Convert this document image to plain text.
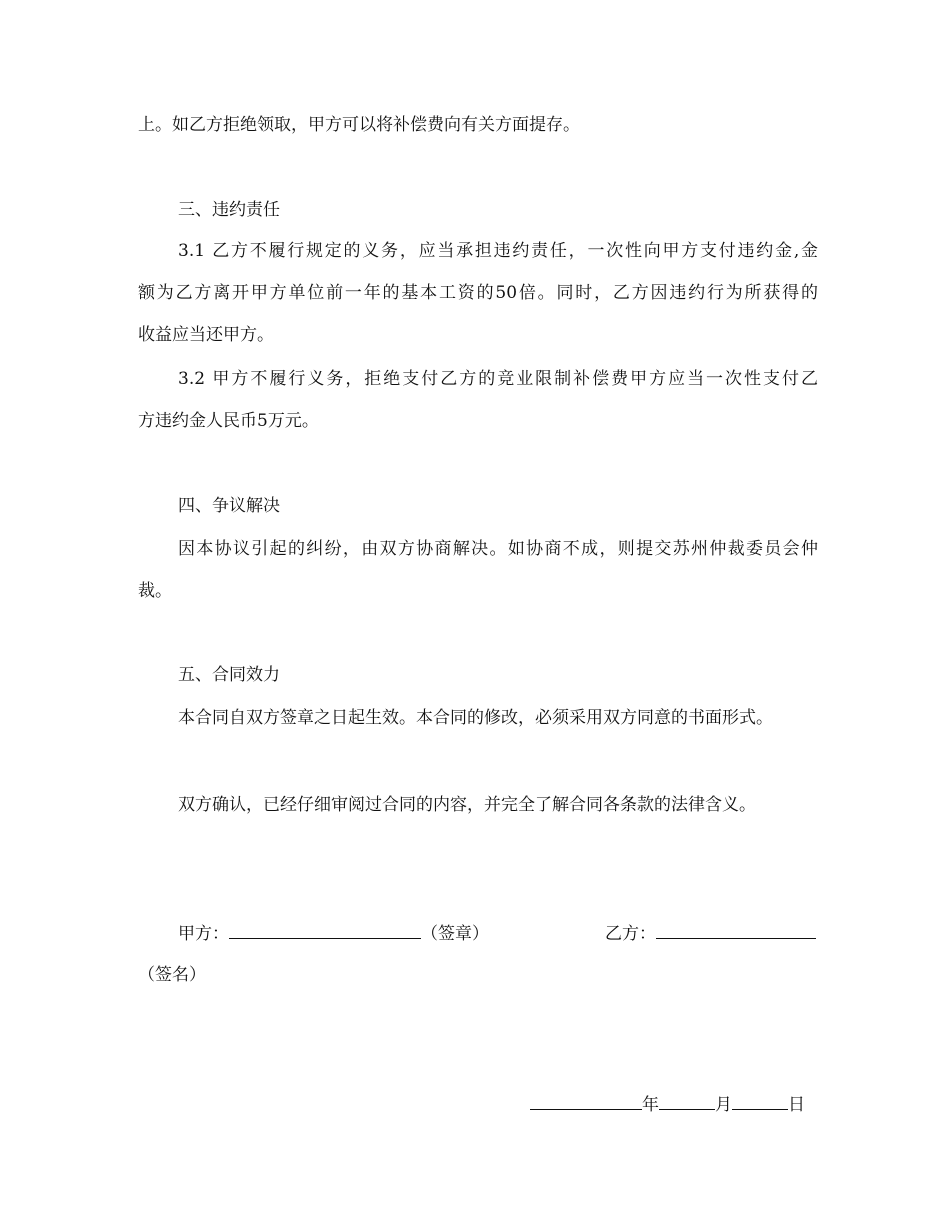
上。如乙方拒绝领取，甲方可以将补偿费向有关方面提存。
三、违约责任
3.1 乙方不履行规定的义务，应当承担违约责任，一次性向甲方支付违约金,金
额为乙方离开甲方单位前一年的基本工资的50倍。同时，乙方因违约行为所获得的
收益应当还甲方。
3.2 甲方不履行义务，拒绝支付乙方的竞业限制补偿费甲方应当一次性支付乙
方违约金人民币5万元。
四、争议解决
因本协议引起的纠纷，由双方协商解决。如协商不成，则提交苏州仲裁委员会仲
裁。
五、合同效力
本合同自双方签章之日起生效。本合同的修改，必须采用双方同意的书面形式。
双方确认，已经仔细审阅过合同的内容，并完全了解合同各条款的法律含义。
甲方：	（签章）	乙方：
（签名）
年	月	日
